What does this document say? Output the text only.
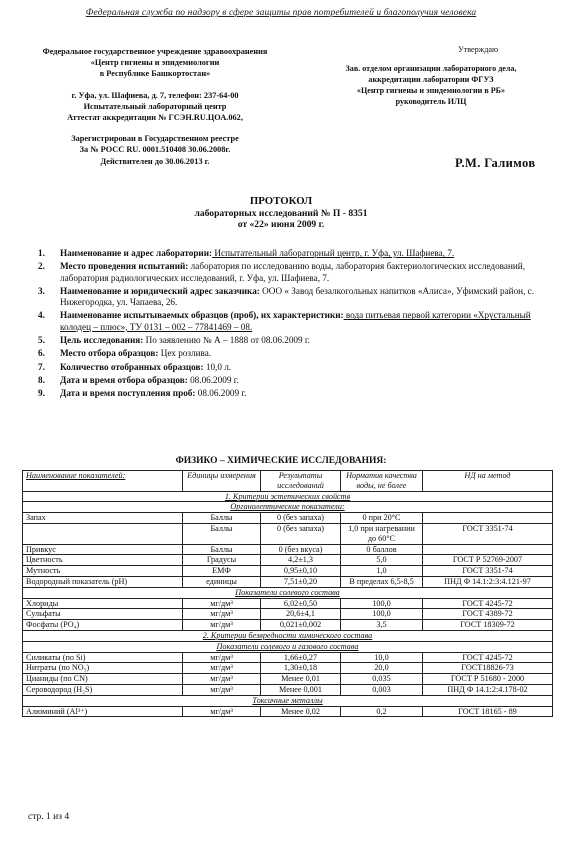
Федеральная служба по надзору в сфере защиты прав потребителей и благополучия человека
Федеральное государственное учреждение здравоохранения
«Центр гигиены и эпидемиологии
в Республике Башкортостан»
г. Уфа, ул. Шафиева, д. 7, телефон: 237-64-00
Испытательный лабораторный центр
Аттестат аккредитации № ГСЭН.RU.ЦОА.062,
Зарегистрирован в Государственном реестре
За № РОСС RU. 0001.510408 30.06.2008г.
Действителен до 30.06.2013 г.
Утверждаю
Зав. отделом организации лабораторного дела,
аккредитации лаборатории ФГУЗ
«Центр гигиены и эпидемиологии в РБ»
руководитель ИЛЦ
Р.М. Галимов
ПРОТОКОЛ
лабораторных исследований № П - 8351
от «22» июня 2009 г.
1.	Наименование и адрес лаборатории: Испытательный лабораторный центр, г. Уфа, ул. Шафиева, 7.
2.	Место проведения испытаний: лаборатория по исследованию воды, лаборатория бактериологических исследований, лаборатория радиологических исследований, г. Уфа, ул. Шафиева, 7.
3.	Наименование и юридический адрес заказчика: ООО « Завод безалкогольных напитков «Алиса», Уфимский район, с. Нижегородка, ул. Чапаева, 26.
4.	Наименование испытываемых образцов (проб), их характеристики: вода питьевая первой категории «Хрустальный колодец – плюс», ТУ 0131 – 002 – 77841469 – 08.
5.	Цель исследования: По заявлению № А – 1888 от 08.06.2009 г.
6.	Место отбора образцов: Цех розлива.
7.	Количество отобранных образцов: 10,0 л.
8.	Дата и время отбора образцов: 08.06.2009 г.
9.	Дата и время поступления проб: 08.06.2009 г.
ФИЗИКО – ХИМИЧЕСКИЕ ИССЛЕДОВАНИЯ:
Наименование показателей:	Единицы измерения	Результаты исследований	Норматив качества воды, не более	НД на метод
1. Критерии эстетических свойств				
Органолептические показатели:				
Запах	Баллы	0 (без запаха)	0 при 20°С	
	Баллы	0 (без запаха)	1,0 при нагревании до 60°С	ГОСТ 3351-74
Привкус	Баллы	0 (без вкуса)	0 баллов	
Цветность	Градусы	4,2±1,3	5,0	ГОСТ Р 52769-2007
Мутность	ЕМФ	0,95±0,10	1,0	ГОСТ 3351-74
Водородный показатель (рН)	единицы	7,51±0,20	В пределах 6,5-8,5	ПНД Ф 14.1:2:3:4.121-97
Показатели солевого состава				
Хлориды	мг/дм³	6,02±0,50	100,0	ГОСТ 4245-72
Сульфаты	мг/дм³	20,6±4,1	100,0	ГОСТ 4389-72
Фосфаты (РО₄)	мг/дм³	0,021±0,002	3,5	ГОСТ 18309-72
2. Критерии безвредности химического состава				
Показатели солевого и газового состава				
Силикаты (по Si)	мг/дм³	1,66±0,27	10,0	ГОСТ 4245-72
Нитраты (по NO₃)	мг/дм³	1,30±0,18	20,0	ГОСТ18826-73
Цианиды (по CN)	мг/дм³	Менее 0,01	0,035	ГОСТ Р 51680 - 2000
Сероводород (H₂S)	мг/дм³	Менее 0,001	0,003	ПНД Ф 14.1:2:4.178-02
Токсичные металлы				
Алюминий (Al³⁺)	мг/дм³	Менее 0,02	0,2	ГОСТ 18165 - 89
стр. 1 из 4
